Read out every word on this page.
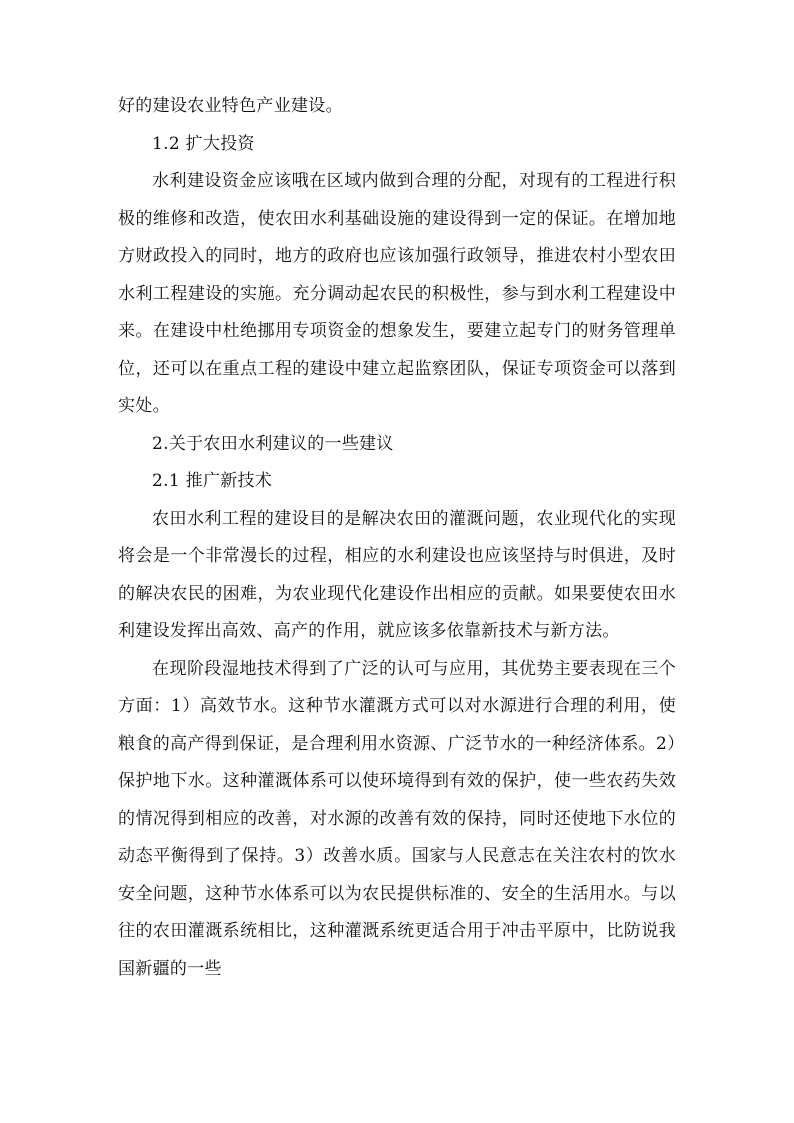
好的建设农业特色产业建设。

1.2 扩大投资

水利建设资金应该哦在区域内做到合理的分配，对现有的工程进行积极的维修和改造，使农田水利基础设施的建设得到一定的保证。在增加地方财政投入的同时，地方的政府也应该加强行政领导，推进农村小型农田水利工程建设的实施。充分调动起农民的积极性，参与到水利工程建设中来。在建设中杜绝挪用专项资金的想象发生，要建立起专门的财务管理单位，还可以在重点工程的建设中建立起监察团队，保证专项资金可以落到实处。

2.关于农田水利建议的一些建议

2.1 推广新技术

农田水利工程的建设目的是解决农田的灌溉问题，农业现代化的实现将会是一个非常漫长的过程，相应的水利建设也应该坚持与时俱进，及时的解决农民的困难，为农业现代化建设作出相应的贡献。如果要使农田水利建设发挥出高效、高产的作用，就应该多依靠新技术与新方法。

在现阶段湿地技术得到了广泛的认可与应用，其优势主要表现在三个方面：1）高效节水。这种节水灌溉方式可以对水源进行合理的利用，使粮食的高产得到保证，是合理利用水资源、广泛节水的一种经济体系。2）保护地下水。这种灌溉体系可以使环境得到有效的保护，使一些农药失效的情况得到相应的改善，对水源的改善有效的保持，同时还使地下水位的动态平衡得到了保持。3）改善水质。国家与人民意志在关注农村的饮水安全问题，这种节水体系可以为农民提供标准的、安全的生活用水。与以往的农田灌溉系统相比，这种灌溉系统更适合用于冲击平原中，比防说我国新疆的一些
